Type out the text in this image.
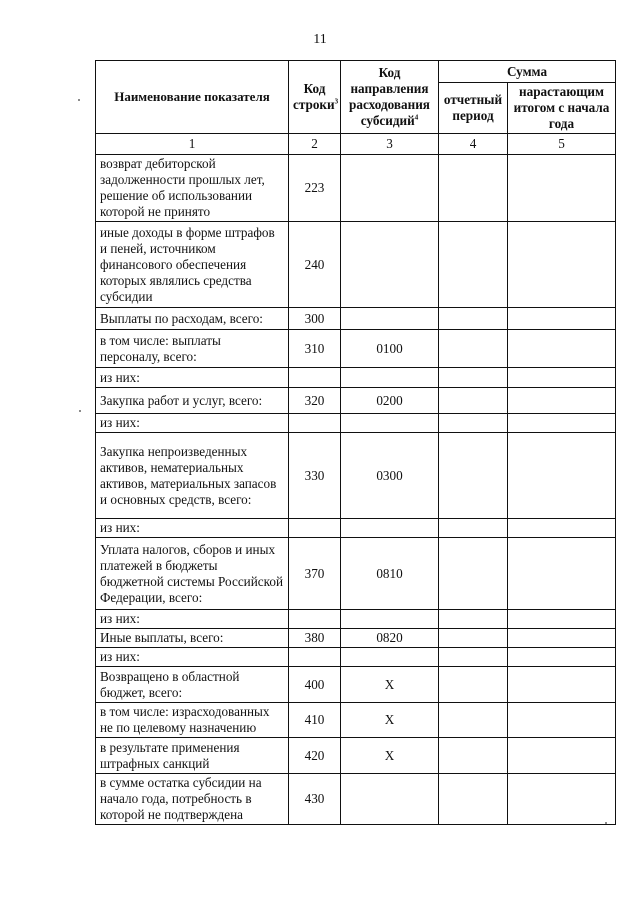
11
Наименование показателя	Код строки$^3$	Код направления расходования субсидий$^4$	Сумма	
			отчетный период	нарастающим итогом с начала года
1	2	3	4	5
возврат дебиторской задолженности прошлых лет, решение об использовании которой не принято	223			
иные доходы в форме штрафов и пеней, источником финансового обеспечения которых являлись средства субсидии	240			
Выплаты по расходам, всего:	300			
в том числе: выплаты персоналу, всего:	310	0100		
из них:				
Закупка работ и услуг, всего:	320	0200		
из них:				
Закупка непроизведенных активов, нематериальных активов, материальных запасов и основных средств, всего:	330	0300		
из них:				
Уплата налогов, сборов и иных платежей в бюджеты бюджетной системы Российской Федерации, всего:	370	0810		
из них:				
Иные выплаты, всего:	380	0820		
из них:				
Возвращено в областной бюджет, всего:	400	X		
в том числе: израсходованных не по целевому назначению	410	X		
в результате применения штрафных санкций	420	X		
в сумме остатка субсидии на начало года, потребность в которой не подтверждена	430			
